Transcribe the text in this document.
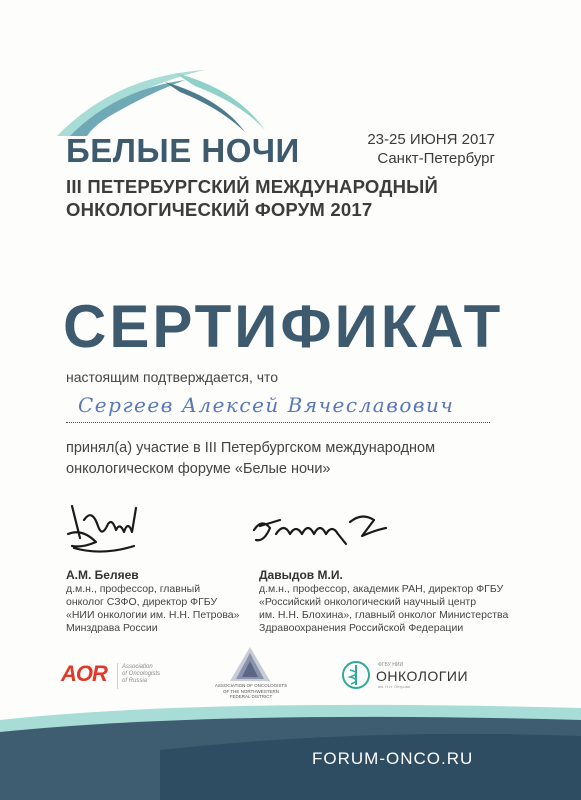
БЕЛЫЕ НОЧИ	23-25 ИЮНЯ 2017
Санкт-Петербург
III ПЕТЕРБУРГСКИЙ МЕЖДУНАРОДНЫЙ
ОНКОЛОГИЧЕСКИЙ ФОРУМ 2017
СЕРТИФИКАТ
настоящим подтверждается, что
Сергеев Алексей Вячеславович
принял(а) участие в III Петербургском международном
онкологическом форуме «Белые ночи»
А.М. Беляев
д.м.н., профессор, главный
онколог СЗФО, директор ФГБУ
«НИИ онкологии им. Н.Н. Петрова»
Минздрава России
Давыдов М.И.
д.м.н., профессор, академик РАН, директор ФГБУ
«Российский онкологический научный центр
им. Н.Н. Блохина», главный онколог Министерства
Здравоохранения Российской Федерации
AOR	Association
of Oncologists
of Russia
ASSOCIATION OF ONCOLOGISTS
OF THE NORTHWESTERN
FEDERAL DISTRICT
ФГБУ НИИ
ОНКОЛОГИИ
им. Н.Н. Петрова
FORUM-ONCO.RU
